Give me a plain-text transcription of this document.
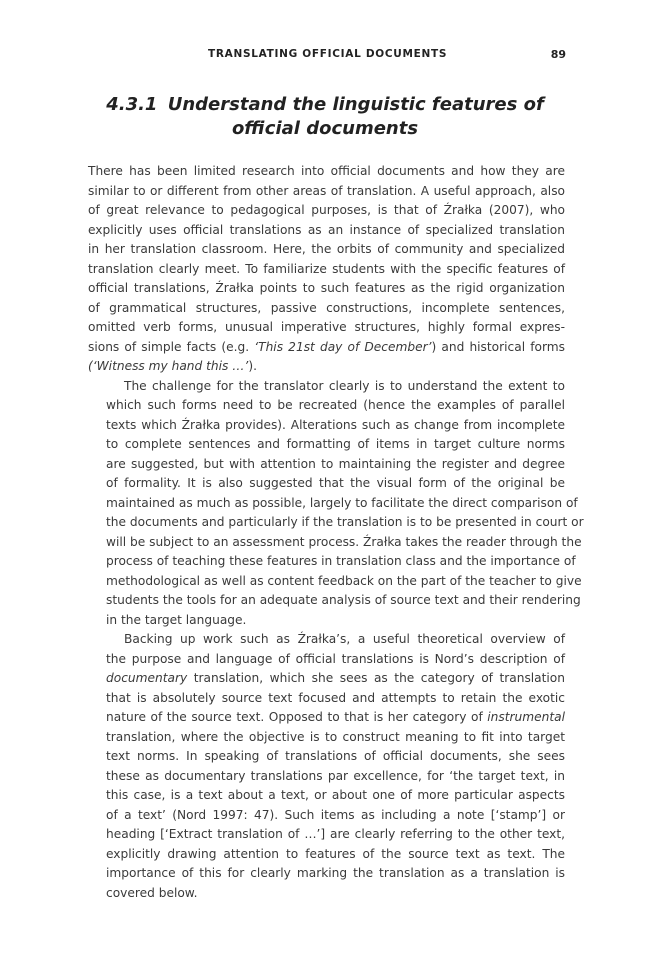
TRANSLATING OFFICIAL DOCUMENTS	89
4.3.1 Understand the linguistic features of
official documents
There has been limited research into official documents and how they are
similar to or different from other areas of translation. A useful approach, also
of great relevance to pedagogical purposes, is that of Źrałka (2007), who
explicitly uses official translations as an instance of specialized translation
in her translation classroom. Here, the orbits of community and specialized
translation clearly meet. To familiarize students with the specific features of
official translations, Źrałka points to such features as the rigid organization
of grammatical structures, passive constructions, incomplete sentences,
omitted verb forms, unusual imperative structures, highly formal expres-
sions of simple facts (e.g. ‘This 21st day of December’) and historical forms
(‘Witness my hand this …’).
The challenge for the translator clearly is to understand the extent to
which such forms need to be recreated (hence the examples of parallel
texts which Źrałka provides). Alterations such as change from incomplete
to complete sentences and formatting of items in target culture norms
are suggested, but with attention to maintaining the register and degree
of formality. It is also suggested that the visual form of the original be
maintained as much as possible, largely to facilitate the direct comparison of
the documents and particularly if the translation is to be presented in court or
will be subject to an assessment process. Źrałka takes the reader through the
process of teaching these features in translation class and the importance of
methodological as well as content feedback on the part of the teacher to give
students the tools for an adequate analysis of source text and their rendering
in the target language.
Backing up work such as Źrałka’s, a useful theoretical overview of
the purpose and language of official translations is Nord’s description of
documentary translation, which she sees as the category of translation
that is absolutely source text focused and attempts to retain the exotic
nature of the source text. Opposed to that is her category of instrumental
translation, where the objective is to construct meaning to fit into target
text norms. In speaking of translations of official documents, she sees
these as documentary translations par excellence, for ‘the target text, in
this case, is a text about a text, or about one of more particular aspects
of a text’ (Nord 1997: 47). Such items as including a note [‘stamp’] or
heading [‘Extract translation of …’] are clearly referring to the other text,
explicitly drawing attention to features of the source text as text. The
importance of this for clearly marking the translation as a translation is
covered below.
